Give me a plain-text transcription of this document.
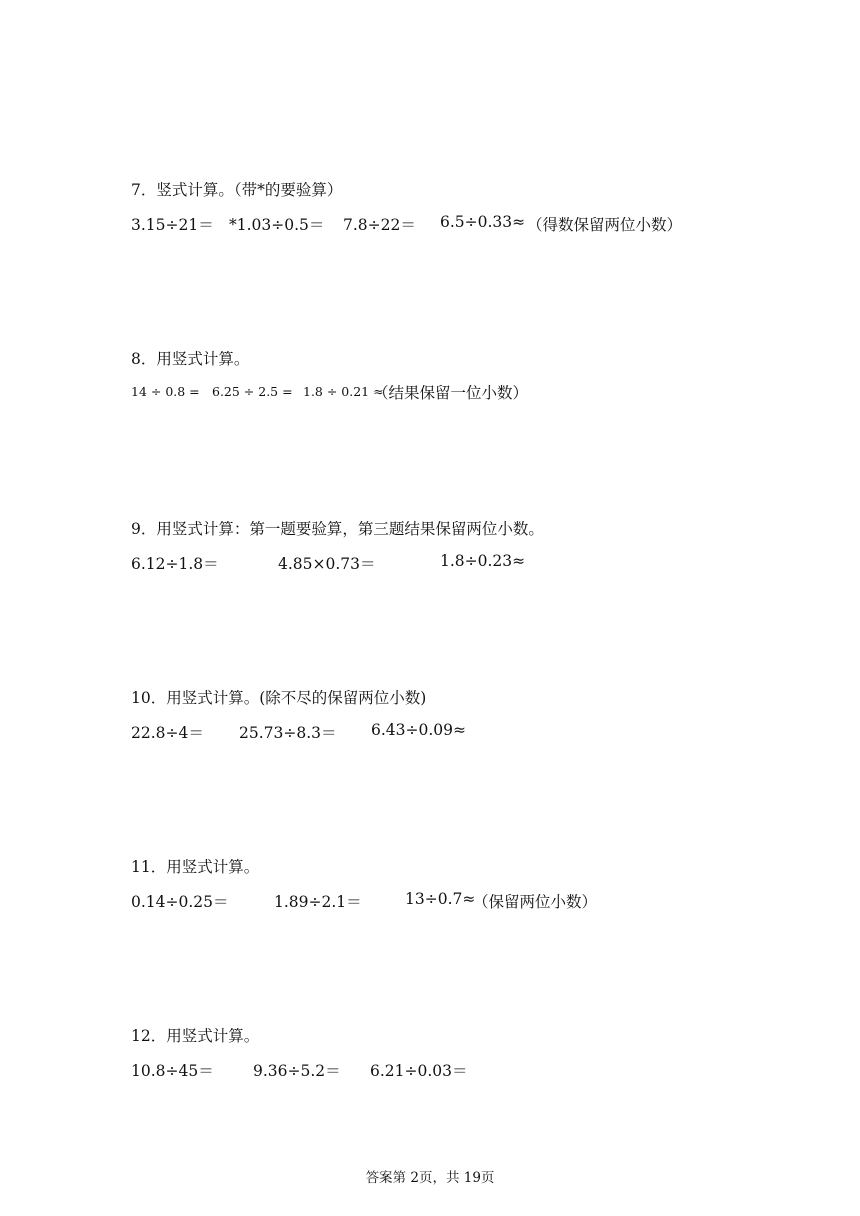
7．竖式计算。（带*的要验算）
3.15÷21＝ *1.03÷0.5＝ 7.8÷22＝ 6.5÷0.33≈ （得数保留两位小数）
8．用竖式计算。
14 ÷ 0.8 = 6.25 ÷ 2.5 = 1.8 ÷ 0.21 ≈
（结果保留一位小数）
9．用竖式计算：第一题要验算，第三题结果保留两位小数。
6.12÷1.8＝	4.85×0.73＝	1.8÷0.23≈
10．用竖式计算。(除不尽的保留两位小数)
22.8÷4＝ 25.73÷8.3＝ 6.43÷0.09≈
11．用竖式计算。
0.14÷0.25＝	1.89÷2.1＝	13÷0.7≈
（保留两位小数）
12．用竖式计算。
10.8÷45＝	9.36÷5.2＝ 6.21÷0.03＝
答案第 2页，共 19页
